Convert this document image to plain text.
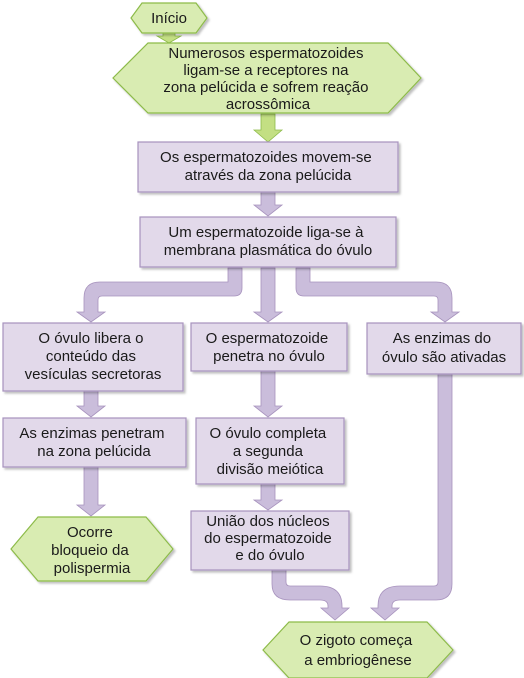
Início
Numerosos espermatozoides ligam-se a receptores na zona pelúcida e sofrem reação acrossômica
Os espermatozoides movem-se através da zona pelúcida
Um espermatozoide liga-se à membrana plasmática do óvulo
O óvulo libera o conteúdo das vesículas secretoras
O espermatozoide penetra no óvulo
As enzimas do óvulo são ativadas
As enzimas penetram na zona pelúcida
O óvulo completa a segunda divisão meiótica
Ocorre bloqueio da polispermia
União dos núcleos do espermatozoide e do óvulo
O zigoto começa a embriogênese
